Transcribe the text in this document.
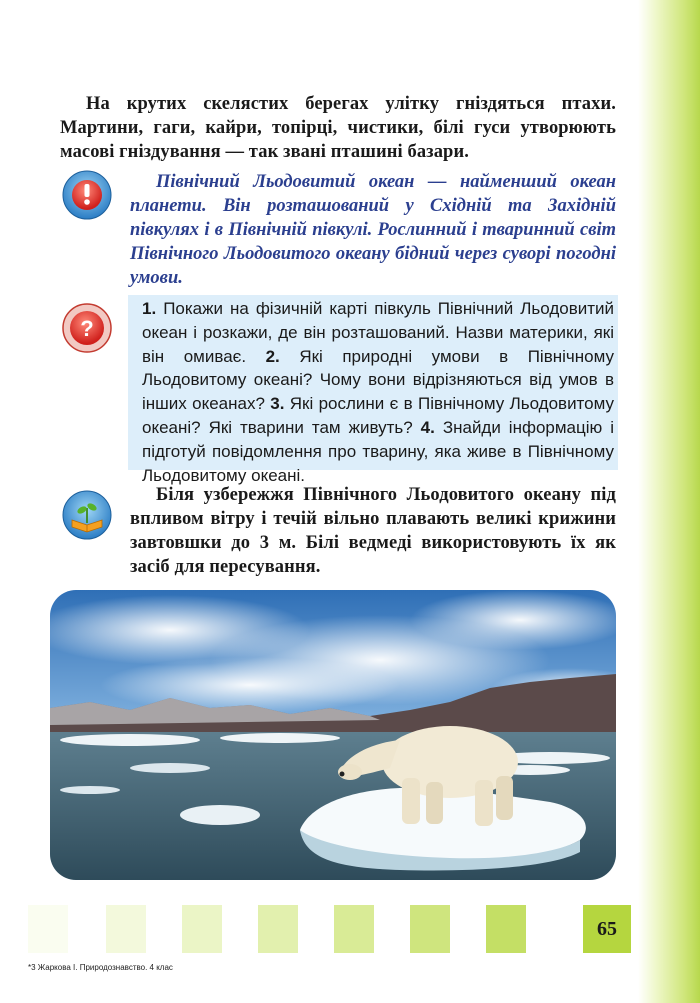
На крутих скелястих берегах улітку гніздяться птахи. Мартини, гаги, кайри, топірці, чистики, білі гуси утворюють масові гніздування — так звані пташині базари.

Північний Льодовитий океан — найменший океан планети. Він розташований у Східній та Західній півкулях і в Північній півкулі. Рослинний і тваринний світ Північного Льодовитого океану бідний через суворі погодні умови.

?
1. Покажи на фізичній карті півкуль Північний Льодовитий океан і розкажи, де він розташований. Назви материки, які він омиває. 2. Які природні умови в Північному Льодовитому океані? Чому вони відрізняються від умов в інших океанах? 3. Які рослини є в Північному Льодовитому океані? Які тварини там живуть? 4. Знайди інформацію і підготуй повідомлення про тварину, яка живе в Північному Льодовитому океані.

Біля узбережжя Північного Льодовитого океану під впливом вітру і течій вільно плавають великі крижини завтовшки до 3 м. Білі ведмеді використовують їх як засіб для пересування.

65
*3 Жаркова І. Природознавство. 4 клас
